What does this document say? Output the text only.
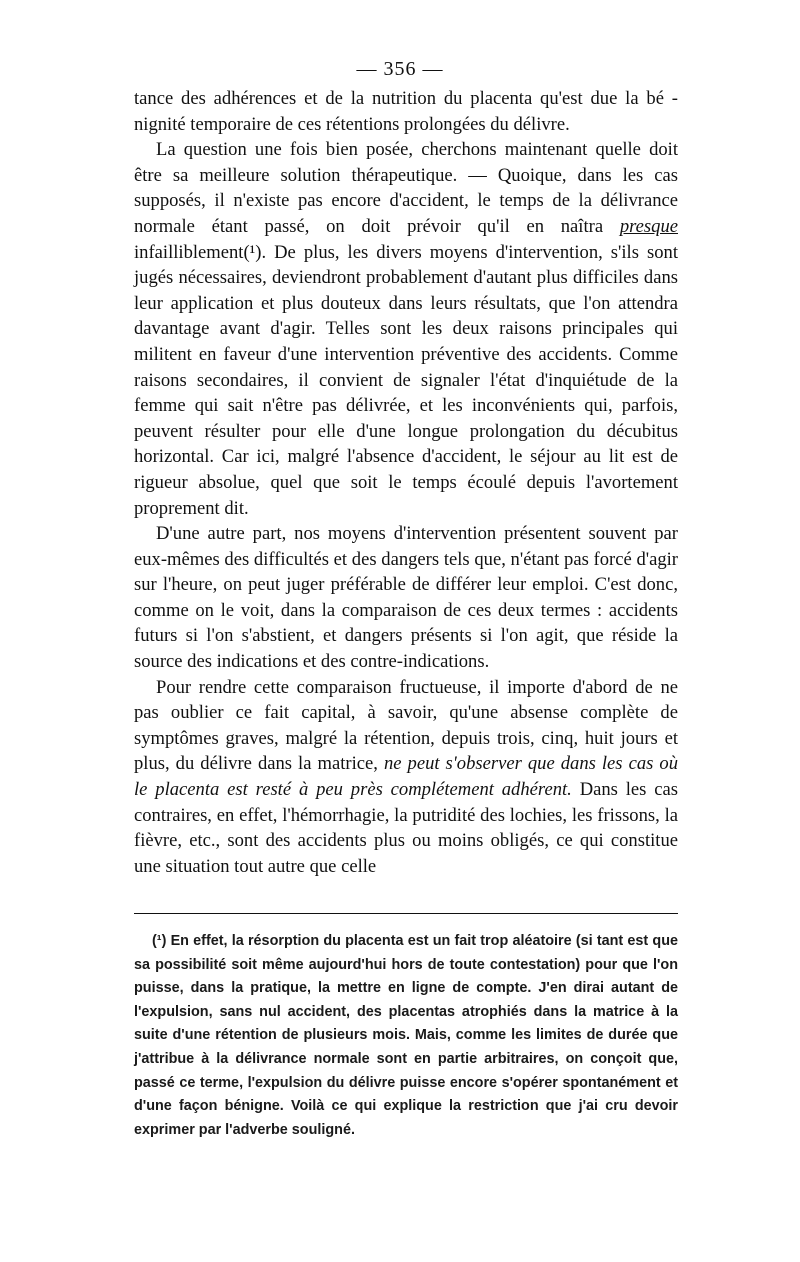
— 356 —

tance des adhérences et de la nutrition du placenta qu'est due la bé - nignité temporaire de ces rétentions prolongées du délivre.

La question une fois bien posée, cherchons maintenant quelle doit être sa meilleure solution thérapeutique. — Quoique, dans les cas supposés, il n'existe pas encore d'accident, le temps de la délivrance normale étant passé, on doit prévoir qu'il en naîtra presque infailliblement(¹). De plus, les divers moyens d'intervention, s'ils sont jugés nécessaires, deviendront probablement d'autant plus difficiles dans leur application et plus douteux dans leurs résultats, que l'on attendra davantage avant d'agir. Telles sont les deux raisons principales qui militent en faveur d'une intervention préventive des accidents. Comme raisons secondaires, il convient de signaler l'état d'inquiétude de la femme qui sait n'être pas délivrée, et les inconvénients qui, parfois, peuvent résulter pour elle d'une longue prolongation du décubitus horizontal. Car ici, malgré l'absence d'accident, le séjour au lit est de rigueur absolue, quel que soit le temps écoulé depuis l'avortement proprement dit.

D'une autre part, nos moyens d'intervention présentent souvent par eux-mêmes des difficultés et des dangers tels que, n'étant pas forcé d'agir sur l'heure, on peut juger préférable de différer leur emploi. C'est donc, comme on le voit, dans la comparaison de ces deux termes : accidents futurs si l'on s'abstient, et dangers présents si l'on agit, que réside la source des indications et des contre-indications.

Pour rendre cette comparaison fructueuse, il importe d'abord de ne pas oublier ce fait capital, à savoir, qu'une absense complète de symptômes graves, malgré la rétention, depuis trois, cinq, huit jours et plus, du délivre dans la matrice, ne peut s'observer que dans les cas où le placenta est resté à peu près complétement adhérent. Dans les cas contraires, en effet, l'hémorrhagie, la putridité des lochies, les frissons, la fièvre, etc., sont des accidents plus ou moins obligés, ce qui constitue une situation tout autre que celle

(¹) En effet, la résorption du placenta est un fait trop aléatoire (si tant est que sa possibilité soit même aujourd'hui hors de toute contestation) pour que l'on puisse, dans la pratique, la mettre en ligne de compte. J'en dirai autant de l'expulsion, sans nul accident, des placentas atrophiés dans la matrice à la suite d'une rétention de plusieurs mois. Mais, comme les limites de durée que j'attribue à la délivrance normale sont en partie arbitraires, on conçoit que, passé ce terme, l'expulsion du délivre puisse encore s'opérer spontanément et d'une façon bénigne. Voilà ce qui explique la restriction que j'ai cru devoir exprimer par l'adverbe souligné.
